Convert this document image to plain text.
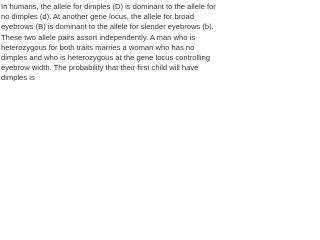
In humans, the allele for dimples (D) is dominant to the allele for
no dimples (d). At another gene locus, the allele for broad
eyebrows (B) is dominant to the allele for slender eyebrows (b).
These two allele pairs assort independently. A man who is
heterozygous for both traits marries a woman who has no
dimples and who is heterozygous at the gene locus controlling
eyebrow width. The probability that their first child will have
dimples is
